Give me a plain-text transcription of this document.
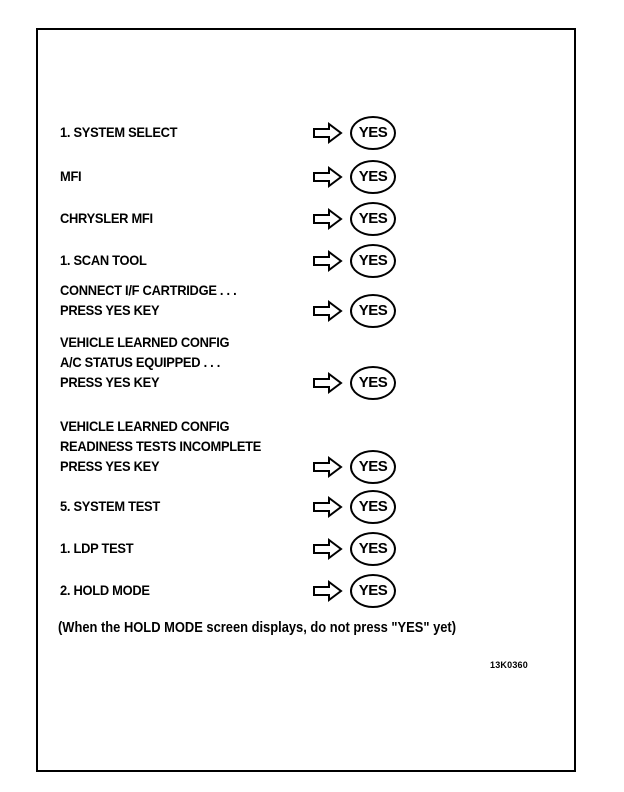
1. SYSTEM SELECT	YES
MFI	YES
CHRYSLER MFI	YES
1. SCAN TOOL	YES
CONNECT I/F CARTRIDGE . . .
PRESS YES KEY	YES
VEHICLE LEARNED CONFIG
A/C STATUS EQUIPPED . . .
PRESS YES KEY	YES
VEHICLE LEARNED CONFIG
READINESS TESTS INCOMPLETE
PRESS YES KEY	YES
5. SYSTEM TEST	YES
1. LDP TEST	YES
2. HOLD MODE	YES
(When the HOLD MODE screen displays, do not press "YES" yet)
13K0360
